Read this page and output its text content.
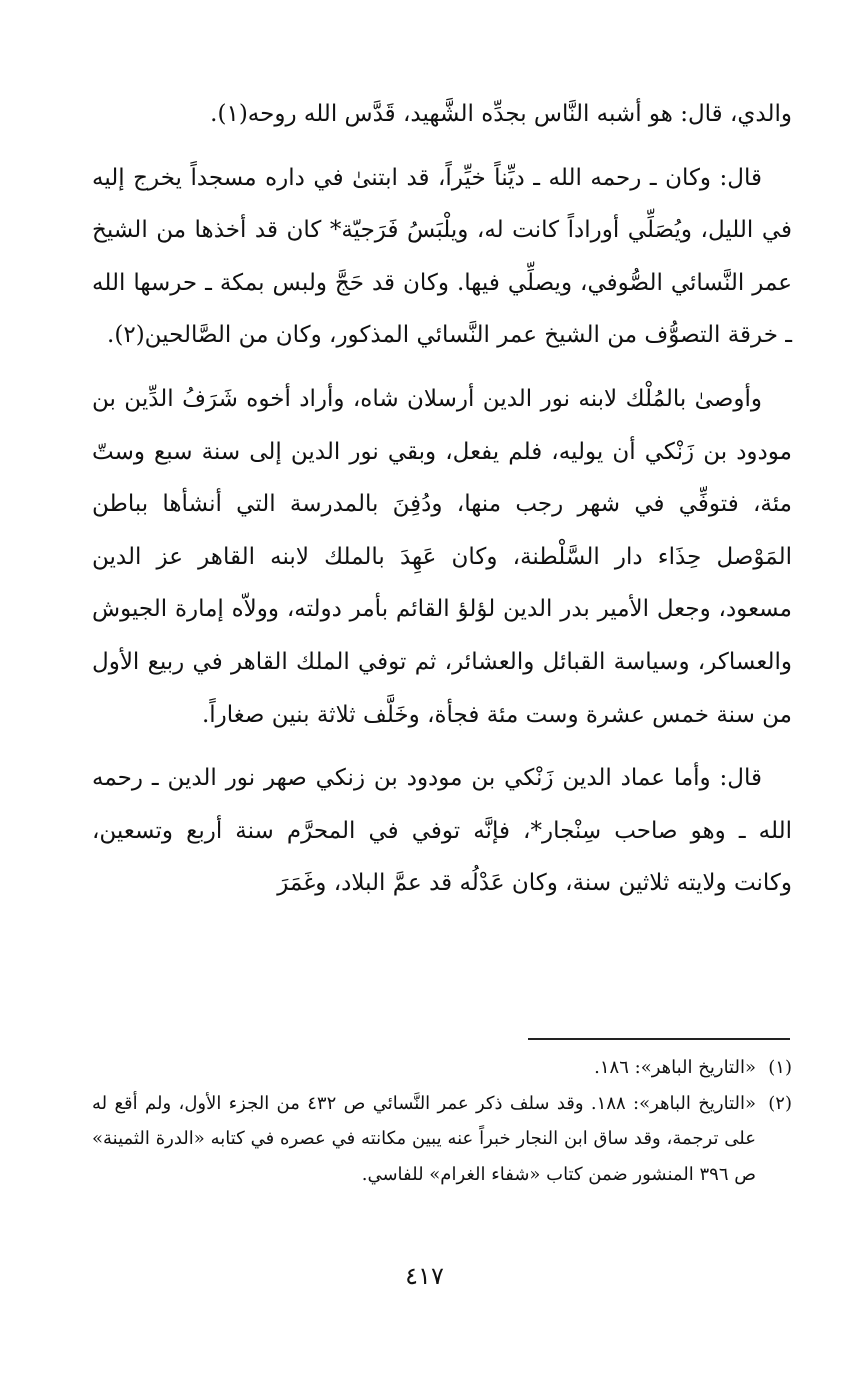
والدي، قال: هو أشبه النَّاس بجدِّه الشَّهيد، قَدَّس الله روحه(١).

قال: وكان ـ رحمه الله ـ ديِّناً خيِّراً، قد ابتنىٰ في داره مسجداً يخرج إليه في الليل، ويُصَلِّي أوراداً كانت له، ويلْبَسُ فَرَجيّة* كان قد أخذها من الشيخ عمر النَّسائي الصُّوفي، ويصلِّي فيها. وكان قد حَجَّ ولبس بمكة ـ حرسها الله ـ خرقة التصوُّف من الشيخ عمر النَّسائي المذكور، وكان من الصَّالحين(٢).

وأوصىٰ بالمُلْك لابنه نور الدين أرسلان شاه، وأراد أخوه شَرَفُ الدِّين بن مودود بن زَنْكي أن يوليه، فلم يفعل، وبقي نور الدين إلى سنة سبع وستّ مئة، فتوفِّي في شهر رجب منها، ودُفِنَ بالمدرسة التي أنشأها بباطن المَوْصل حِذَاء دار السَّلْطنة، وكان عَهِدَ بالملك لابنه القاهر عز الدين مسعود، وجعل الأمير بدر الدين لؤلؤ القائم بأمر دولته، وولاّه إمارة الجيوش والعساكر، وسياسة القبائل والعشائر، ثم توفي الملك القاهر في ربيع الأول من سنة خمس عشرة وست مئة فجأة، وخَلَّف ثلاثة بنين صغاراً.

قال: وأما عماد الدين زَنْكي بن مودود بن زنكي صهر نور الدين ـ رحمه الله ـ وهو صاحب سِنْجار*، فإنَّه توفي في المحرَّم سنة أربع وتسعين، وكانت ولايته ثلاثين سنة، وكان عَدْلُه قد عمَّ البلاد، وغَمَرَ

(١)
«التاريخ الباهر»: ١٨٦.
(٢)
«التاريخ الباهر»: ١٨٨. وقد سلف ذكر عمر النَّسائي ص ٤٣٢ من الجزء الأول، ولم أقع له على ترجمة، وقد ساق ابن النجار خبراً عنه يبين مكانته في عصره في كتابه «الدرة الثمينة» ص ٣٩٦ المنشور ضمن كتاب «شفاء الغرام» للفاسي.
٤١٧
